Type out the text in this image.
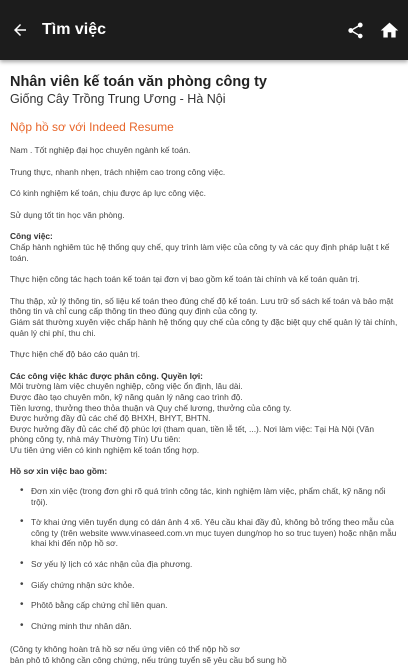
Tìm việc
Nhân viên kế toán văn phòng công ty
Giống Cây Trồng Trung Ương - Hà Nội
Nộp hồ sơ với Indeed Resume

Nam . Tốt nghiệp đại học chuyên ngành kế toán.

Trung thực, nhanh nhẹn, trách nhiệm cao trong công việc.

Có kinh nghiệm kế toán, chịu được áp lực công việc.

Sử dụng tốt tin học văn phòng.

Công việc:

Chấp hành nghiêm túc hệ thống quy chế, quy trình làm việc của công ty và các quy định pháp luật t kế toán.

Thực hiện công tác hạch toán kế toán tại đơn vị bao gồm kế toán tài chính và kế toán quản trị.

Thu thập, xử lý thông tin, số liệu kế toán theo đúng chế độ kế toán. Lưu trữ sổ sách kế toán và bảo mật thông tin và chỉ cung cấp thông tin theo đúng quy định của công ty.

Giám sát thường xuyên việc chấp hành hệ thống quy chế của công ty đặc biệt quy chế quản lý tài chính, quản lý chi phí, thu chi.

Thực hiện chế độ báo cáo quản trị.

Các công việc khác được phân công. Quyền lợi:
Môi trường làm việc chuyên nghiệp, công việc ổn định, lâu dài.
Được đào tạo chuyên môn, kỹ năng quản lý nâng cao trình độ.
Tiền lương, thưởng theo thỏa thuận và Quy chế lương, thưởng của công ty.
Được hưởng đầy đủ các chế độ BHXH, BHYT, BHTN.
Được hưởng đầy đủ các chế độ phúc lợi (tham quan, tiền lễ tết, ...). Nơi làm việc: Tại Hà Nội (Văn phòng công ty, nhà máy Thường Tín) Ưu tiên:

Ưu tiên ứng viên có kinh nghiệm kế toán tổng hợp.

Hồ sơ xin việc bao gồm:
• Đơn xin việc (trong đơn ghi rõ quá trình công tác, kinh nghiệm làm việc, phẩm chất, kỹ năng nổi trội).
• Tờ khai ứng viên tuyển dụng có dán ảnh 4 x6. Yêu cầu khai đầy đủ, không bỏ trống theo mẫu của công ty (trên website www.vinaseed.com.vn mục tuyen dung/nop ho so truc tuyen) hoặc nhận mẫu khai khi đến nộp hồ sơ.
• Sơ yếu lý lịch có xác nhận của địa phương.
• Giấy chứng nhận sức khỏe.
• Phôtô bằng cấp chứng chỉ liên quan.
• Chứng minh thư nhân dân.
(Công ty không hoàn trả hồ sơ nếu ứng viên có thể nộp hồ sơ
bản phô tô không cần công chứng, nếu trúng tuyển sẽ yêu cầu bổ sung hồ
